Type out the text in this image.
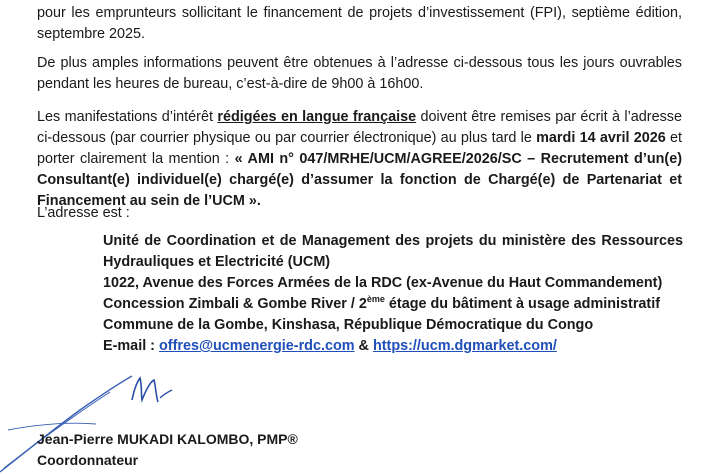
pour les emprunteurs sollicitant le financement de projets d’investissement (FPI), septième édition, septembre 2025.
De plus amples informations peuvent être obtenues à l’adresse ci-dessous tous les jours ouvrables pendant les heures de bureau, c’est-à-dire de 9h00 à 16h00.
Les manifestations d’intérêt rédigées en langue française doivent être remises par écrit à l’adresse ci-dessous (par courrier physique ou par courrier électronique) au plus tard le mardi 14 avril 2026 et porter clairement la mention : « AMI n° 047/MRHE/UCM/AGREE/2026/SC – Recrutement d’un(e) Consultant(e) individuel(e) chargé(e) d’assumer la fonction de Chargé(e) de Partenariat et Financement au sein de l’UCM ».
L’adresse est :
Unité de Coordination et de Management des projets du ministère des Ressources Hydrauliques et Electricité (UCM)
1022, Avenue des Forces Armées de la RDC (ex-Avenue du Haut Commandement)
Concession Zimbali & Gombe River / 2ème étage du bâtiment à usage administratif
Commune de la Gombe, Kinshasa, République Démocratique du Congo
E-mail : offres@ucmenergie-rdc.com & https://ucm.dgmarket.com/
Jean-Pierre MUKADI KALOMBO, PMP®
Coordonnateur
